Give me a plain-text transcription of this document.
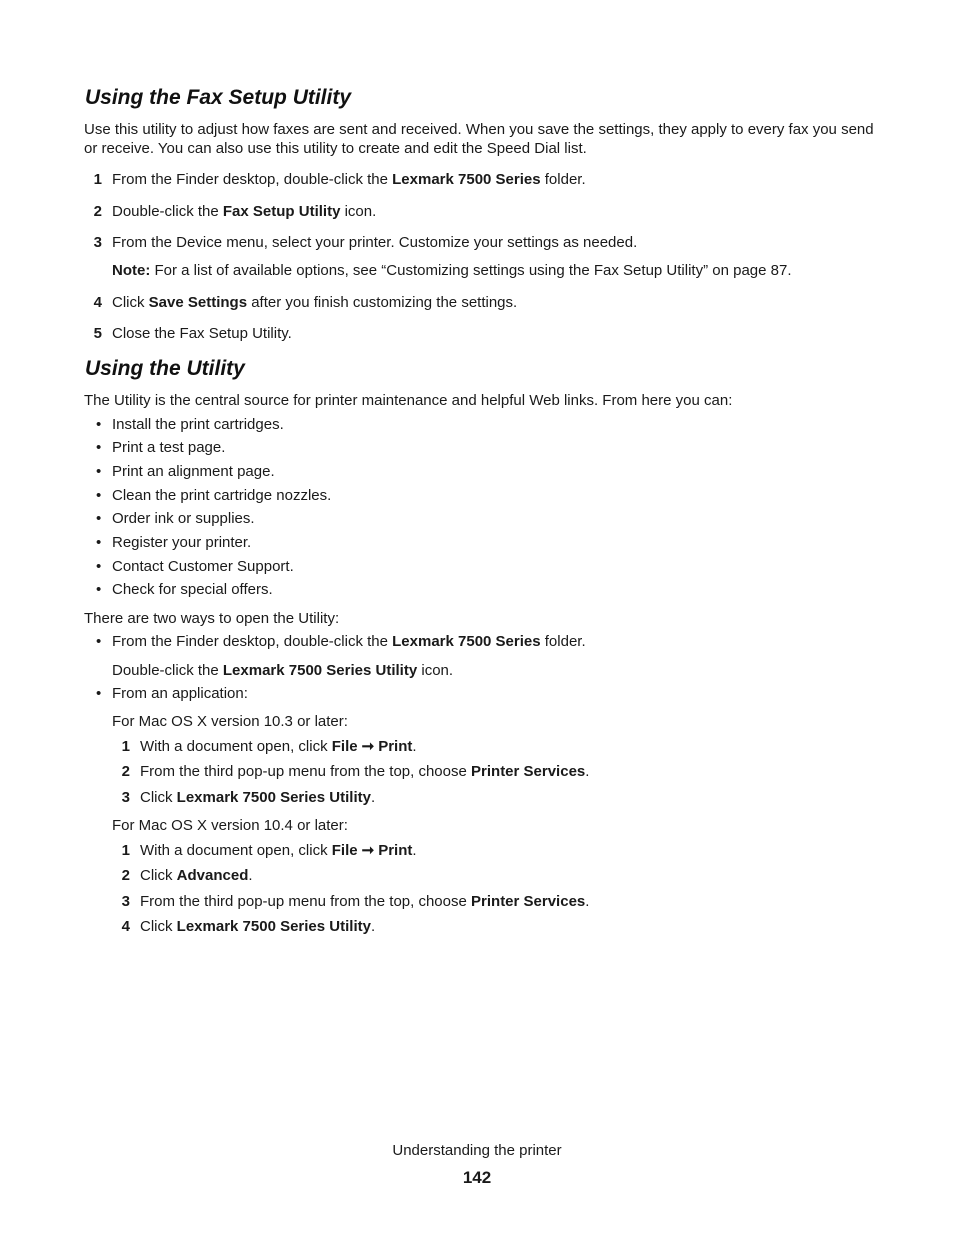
Using the Fax Setup Utility
Use this utility to adjust how faxes are sent and received. When you save the settings, they apply to every fax you send or receive. You can also use this utility to create and edit the Speed Dial list.
1 From the Finder desktop, double-click the Lexmark 7500 Series folder.
2 Double-click the Fax Setup Utility icon.
3 From the Device menu, select your printer. Customize your settings as needed.
Note: For a list of available options, see “Customizing settings using the Fax Setup Utility” on page 87.
4 Click Save Settings after you finish customizing the settings.
5 Close the Fax Setup Utility.
Using the Utility
The Utility is the central source for printer maintenance and helpful Web links. From here you can:
• Install the print cartridges.
• Print a test page.
• Print an alignment page.
• Clean the print cartridge nozzles.
• Order ink or supplies.
• Register your printer.
• Contact Customer Support.
• Check for special offers.
There are two ways to open the Utility:
• From the Finder desktop, double-click the Lexmark 7500 Series folder.
Double-click the Lexmark 7500 Series Utility icon.
• From an application:
For Mac OS X version 10.3 or later:
1 With a document open, click File ➞ Print.
2 From the third pop-up menu from the top, choose Printer Services.
3 Click Lexmark 7500 Series Utility.
For Mac OS X version 10.4 or later:
1 With a document open, click File ➞ Print.
2 Click Advanced.
3 From the third pop-up menu from the top, choose Printer Services.
4 Click Lexmark 7500 Series Utility.
Understanding the printer
142
